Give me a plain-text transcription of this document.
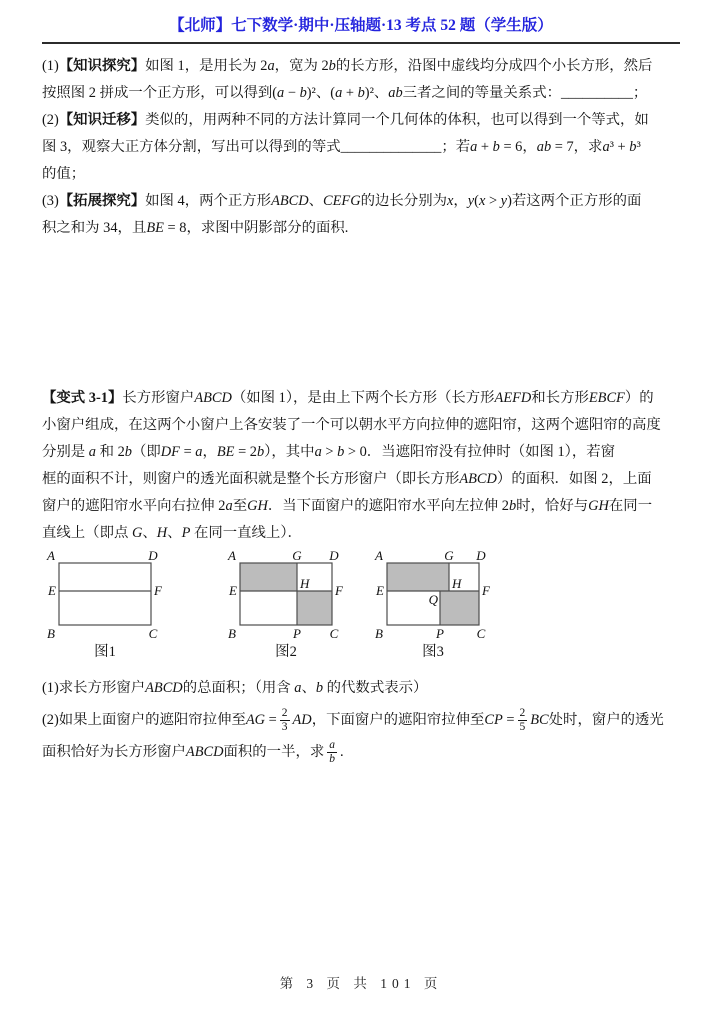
【北师】七下数学·期中·压轴题·13 考点 52 题（学生版）

(1)【知识探究】如图 1，是用长为 2a，宽为 2b的长方形，沿图中虚线均分成四个小长方形，然后

按照图 2 拼成一个正方形，可以得到(a − b)²、(a + b)²、ab三者之间的等量关系式：__________；

(2)【知识迁移】类似的，用两种不同的方法计算同一个几何体的体积，也可以得到一个等式，如

图 3，观察大正方体分割，写出可以得到的等式______________；若a + b = 6，ab = 7，求a³ + b³

的值；

(3)【拓展探究】如图 4，两个正方形ABCD、CEFG的边长分别为x，y(x > y)若这两个正方形的面

积之和为 34，且BE = 8，求图中阴影部分的面积.

【变式 3-1】长方形窗户ABCD（如图 1），是由上下两个长方形（长方形AEFD和长方形EBCF）的

小窗户组成，在这两个小窗户上各安装了一个可以朝水平方向拉伸的遮阳帘，这两个遮阳帘的高度

分别是 a 和 2b（即DF = a，BE = 2b），其中a > b > 0．当遮阳帘没有拉伸时（如图 1），若窗

框的面积不计，则窗户的透光面积就是整个长方形窗户（即长方形ABCD）的面积．如图 2，上面

窗户的遮阳帘水平向右拉伸 2a至GH．当下面窗户的遮阳帘水平向左拉伸 2b时，恰好与GH在同一

直线上（即点 G、H、P 在同一直线上）．

A	D
E	F
B	C
图1
A	G D
E	H F
B	P C
图2
A	G D
E	H F
Q
B	P	C
图3

(1)求长方形窗户ABCD的总面积；（用含 a、b 的代数式表示）

(2)如果上面窗户的遮阳帘拉伸至AG = $\frac{2}{3}$ AD，下面窗户的遮阳帘拉伸至CP = $\frac{2}{5}$ BC处时，窗户的透光

面积恰好为长方形窗户ABCD面积的一半，求 $\frac{a}{b}$ .

第 3 页 共 101 页
